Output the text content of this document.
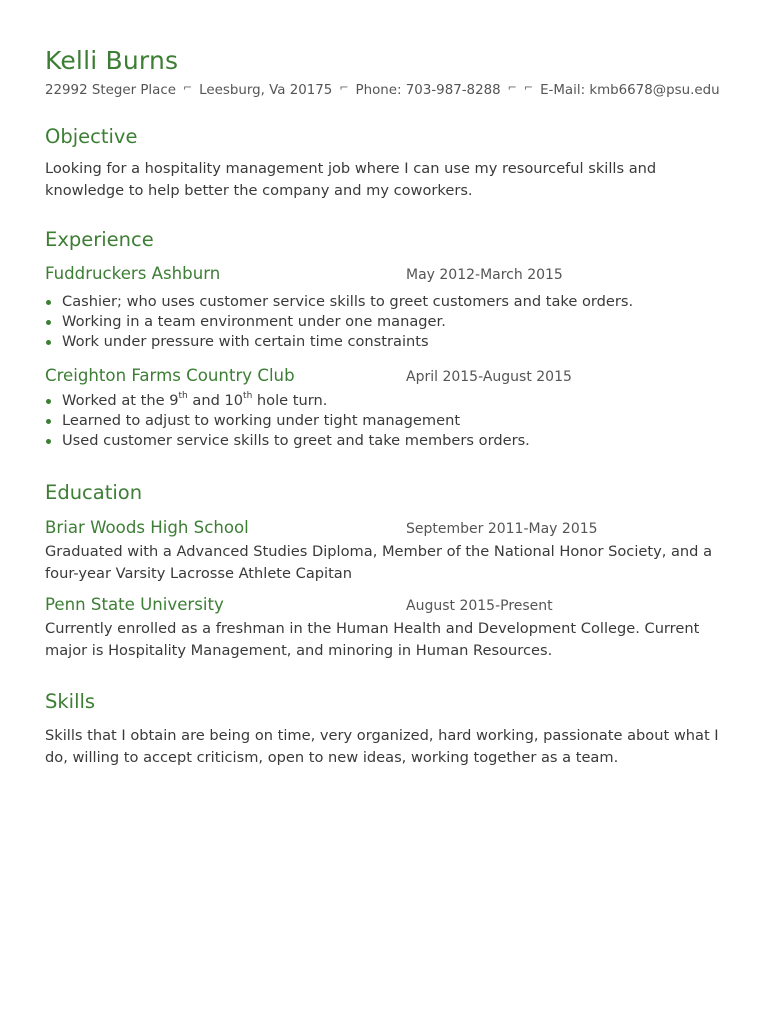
Kelli Burns
22992 Steger Place ⌐ Leesburg, Va 20175 ⌐ Phone: 703-987-8288 ⌐ ⌐ E-Mail: kmb6678@psu.edu
Objective

Looking for a hospitality management job where I can use my resourceful skills and knowledge to help better the company and my coworkers.

Experience
Fuddruckers Ashburn	May 2012-March 2015
Cashier; who uses customer service skills to greet customers and take orders.
Working in a team environment under one manager.
Work under pressure with certain time constraints
Creighton Farms Country Club	April 2015-August 2015
Worked at the 9th and 10th hole turn.
Learned to adjust to working under tight management
Used customer service skills to greet and take members orders.
Education
Briar Woods High School	September 2011-May 2015

Graduated with a Advanced Studies Diploma, Member of the National Honor Society, and a four-year Varsity Lacrosse Athlete Capitan

Penn State University	August 2015-Present

Currently enrolled as a freshman in the Human Health and Development College. Current major is Hospitality Management, and minoring in Human Resources.

Skills

Skills that I obtain are being on time, very organized, hard working, passionate about what I do, willing to accept criticism, open to new ideas, working together as a team.
